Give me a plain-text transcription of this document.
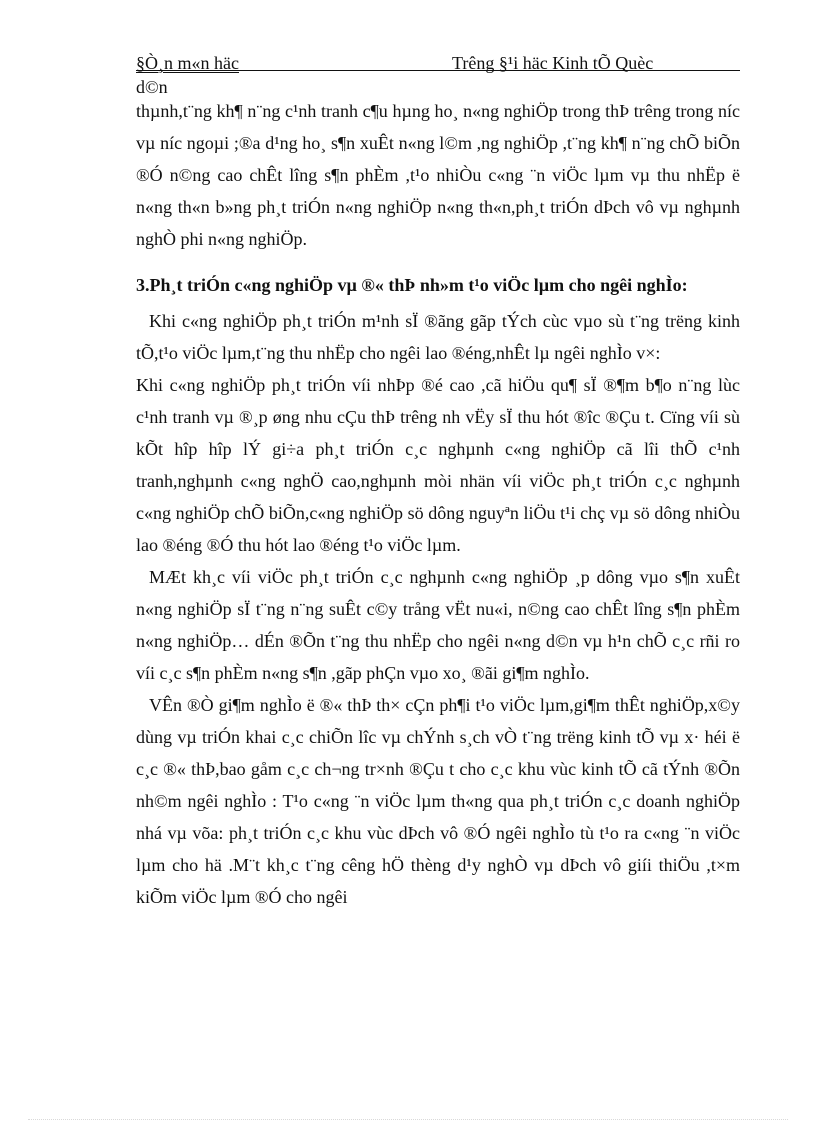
§Ò¸n m«n häc	Trêng §¹i häc Kinh tÕ Quèc
d©n

thµnh,t¨ng kh¶ n¨ng c¹nh tranh c¶u hµng ho¸ n«ng nghiÖp trong thÞ trêng trong níc vµ níc ngoµi ;®a d¹ng ho¸ s¶n xuÊt n«ng l©m ,ng nghiÖp ,t¨ng kh¶ n¨ng chÕ biÕn ®Ó n©ng cao chÊt lîng s¶n phÈm ,t¹o nhiÒu c«ng ¨n viÖc lµm vµ thu nhËp ë n«ng th«n b»ng ph¸t triÓn n«ng nghiÖp n«ng th«n,ph¸t triÓn dÞch vô vµ nghµnh nghÒ phi n«ng nghiÖp.

3.Ph¸t triÓn c«ng nghiÖp vµ ®« thÞ nh»m t¹o viÖc lµm cho ngêi nghÌo:

Khi c«ng nghiÖp ph¸t triÓn m¹nh sÏ ®ãng gãp tÝch cùc vµo sù t¨ng trëng kinh tÕ,t¹o viÖc lµm,t¨ng thu nhËp cho ngêi lao ®éng,nhÊt lµ ngêi nghÌo v×:

Khi c«ng nghiÖp ph¸t triÓn víi nhÞp ®é cao ,cã hiÖu qu¶ sÏ ®¶m b¶o n¨ng lùc c¹nh tranh vµ ®¸p øng nhu cÇu thÞ trêng nh vËy sÏ thu hót ®îc ®Çu t. Cïng víi sù kÕt hîp hîp lÝ gi÷a ph¸t triÓn c¸c nghµnh c«ng nghiÖp cã lîi thÕ c¹nh tranh,nghµnh c«ng nghÖ cao,nghµnh mòi nhän víi viÖc ph¸t triÓn c¸c nghµnh c«ng nghiÖp chÕ biÕn,c«ng nghiÖp sö dông nguyªn liÖu t¹i chç vµ sö dông nhiÒu lao ®éng ®Ó thu hót lao ®éng t¹o viÖc lµm.

MÆt kh¸c víi viÖc ph¸t triÓn c¸c nghµnh c«ng nghiÖp ¸p dông vµo s¶n xuÊt n«ng nghiÖp sÏ t¨ng n¨ng suÊt c©y trång vËt nu«i, n©ng cao chÊt lîng s¶n phÈm n«ng nghiÖp… dÉn ®Õn t¨ng thu nhËp cho ngêi n«ng d©n vµ h¹n chÕ c¸c rñi ro víi c¸c s¶n phÈm n«ng s¶n ,gãp phÇn vµo xo¸ ®ãi gi¶m nghÌo.

VÊn ®Ò gi¶m nghÌo ë ®« thÞ th× cÇn ph¶i t¹o viÖc lµm,gi¶m thÊt nghiÖp,x©y dùng vµ triÓn khai c¸c chiÕn lîc vµ chÝnh s¸ch vÒ t¨ng trëng kinh tÕ vµ x· héi ë c¸c ®« thÞ,bao gåm c¸c ch¬ng tr×nh ®Çu t cho c¸c khu vùc kinh tÕ cã tÝnh ®Õn nh©m ngêi nghÌo : T¹o c«ng ¨n viÖc lµm th«ng qua ph¸t triÓn c¸c doanh nghiÖp nhá vµ võa: ph¸t triÓn c¸c khu vùc dÞch vô ®Ó ngêi nghÌo tù t¹o ra c«ng ¨n viÖc lµm cho hä .M¨t kh¸c t¨ng cêng hÖ thèng d¹y nghÒ vµ dÞch vô giíi thiÖu ,t×m kiÕm viÖc lµm ®Ó cho ngêi
